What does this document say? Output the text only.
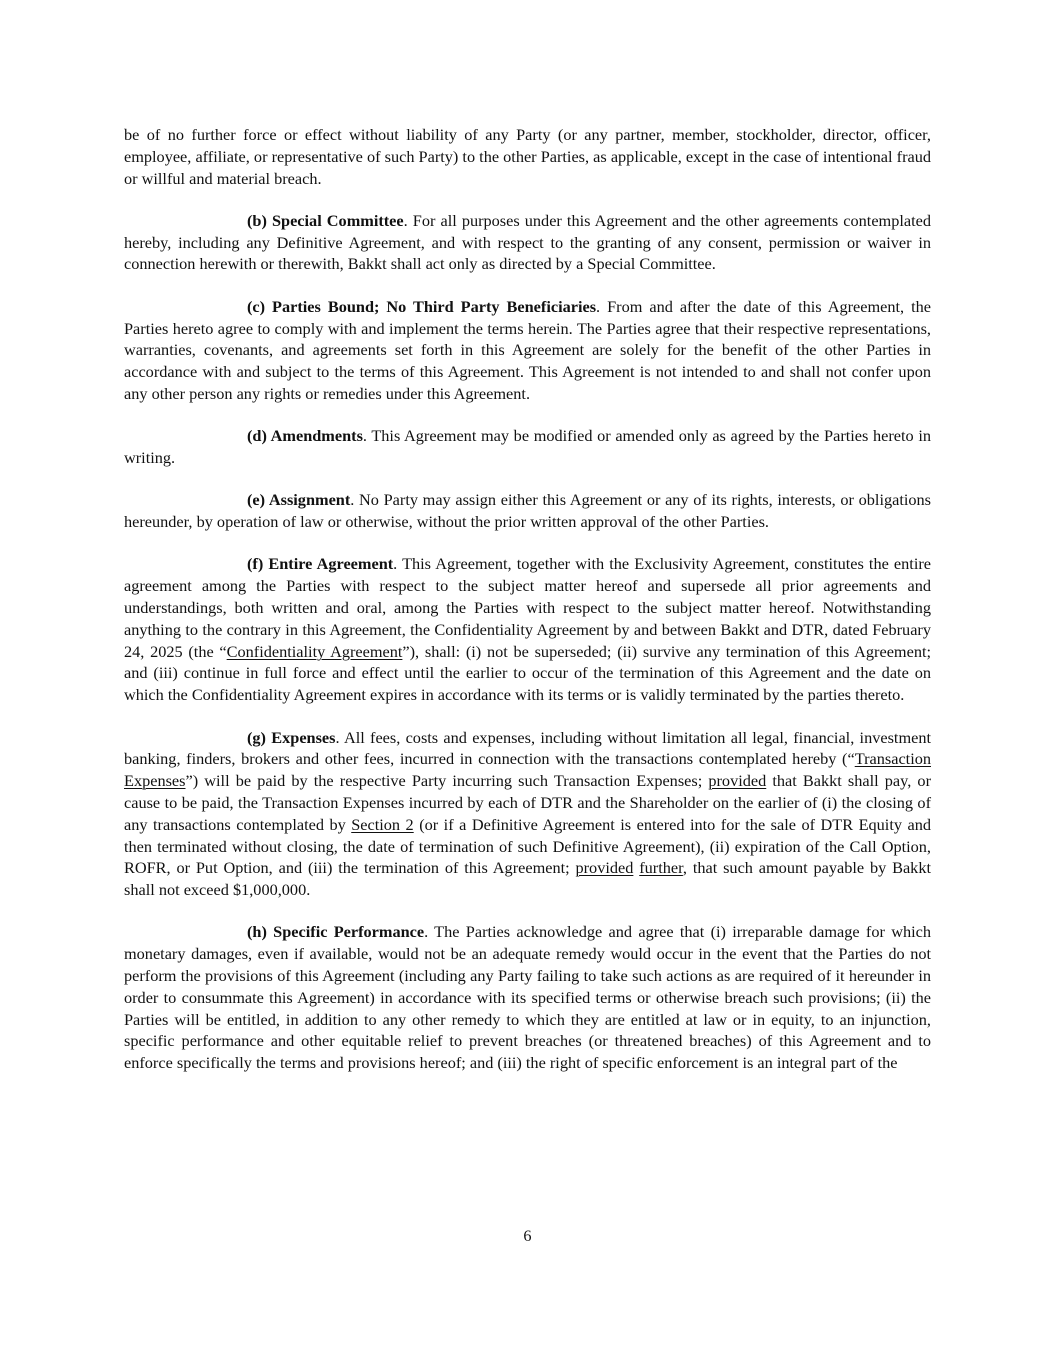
be of no further force or effect without liability of any Party (or any partner, member, stockholder, director, officer, employee, affiliate, or representative of such Party) to the other Parties, as applicable, except in the case of intentional fraud or willful and material breach.

(b) Special Committee. For all purposes under this Agreement and the other agreements contemplated hereby, including any Definitive Agreement, and with respect to the granting of any consent, permission or waiver in connection herewith or therewith, Bakkt shall act only as directed by a Special Committee.

(c) Parties Bound; No Third Party Beneficiaries. From and after the date of this Agreement, the Parties hereto agree to comply with and implement the terms herein. The Parties agree that their respective representations, warranties, covenants, and agreements set forth in this Agreement are solely for the benefit of the other Parties in accordance with and subject to the terms of this Agreement. This Agreement is not intended to and shall not confer upon any other person any rights or remedies under this Agreement.

(d) Amendments. This Agreement may be modified or amended only as agreed by the Parties hereto in writing.

(e) Assignment. No Party may assign either this Agreement or any of its rights, interests, or obligations hereunder, by operation of law or otherwise, without the prior written approval of the other Parties.

(f) Entire Agreement. This Agreement, together with the Exclusivity Agreement, constitutes the entire agreement among the Parties with respect to the subject matter hereof and supersede all prior agreements and understandings, both written and oral, among the Parties with respect to the subject matter hereof. Notwithstanding anything to the contrary in this Agreement, the Confidentiality Agreement by and between Bakkt and DTR, dated February 24, 2025 (the “Confidentiality Agreement”), shall: (i) not be superseded; (ii) survive any termination of this Agreement; and (iii) continue in full force and effect until the earlier to occur of the termination of this Agreement and the date on which the Confidentiality Agreement expires in accordance with its terms or is validly terminated by the parties thereto.

(g) Expenses. All fees, costs and expenses, including without limitation all legal, financial, investment banking, finders, brokers and other fees, incurred in connection with the transactions contemplated hereby (“Transaction Expenses”) will be paid by the respective Party incurring such Transaction Expenses; provided that Bakkt shall pay, or cause to be paid, the Transaction Expenses incurred by each of DTR and the Shareholder on the earlier of (i) the closing of any transactions contemplated by Section 2 (or if a Definitive Agreement is entered into for the sale of DTR Equity and then terminated without closing, the date of termination of such Definitive Agreement), (ii) expiration of the Call Option, ROFR, or Put Option, and (iii) the termination of this Agreement; provided further, that such amount payable by Bakkt shall not exceed $1,000,000.

(h) Specific Performance. The Parties acknowledge and agree that (i) irreparable damage for which monetary damages, even if available, would not be an adequate remedy would occur in the event that the Parties do not perform the provisions of this Agreement (including any Party failing to take such actions as are required of it hereunder in order to consummate this Agreement) in accordance with its specified terms or otherwise breach such provisions; (ii) the Parties will be entitled, in addition to any other remedy to which they are entitled at law or in equity, to an injunction, specific performance and other equitable relief to prevent breaches (or threatened breaches) of this Agreement and to enforce specifically the terms and provisions hereof; and (iii) the right of specific enforcement is an integral part of the

6
